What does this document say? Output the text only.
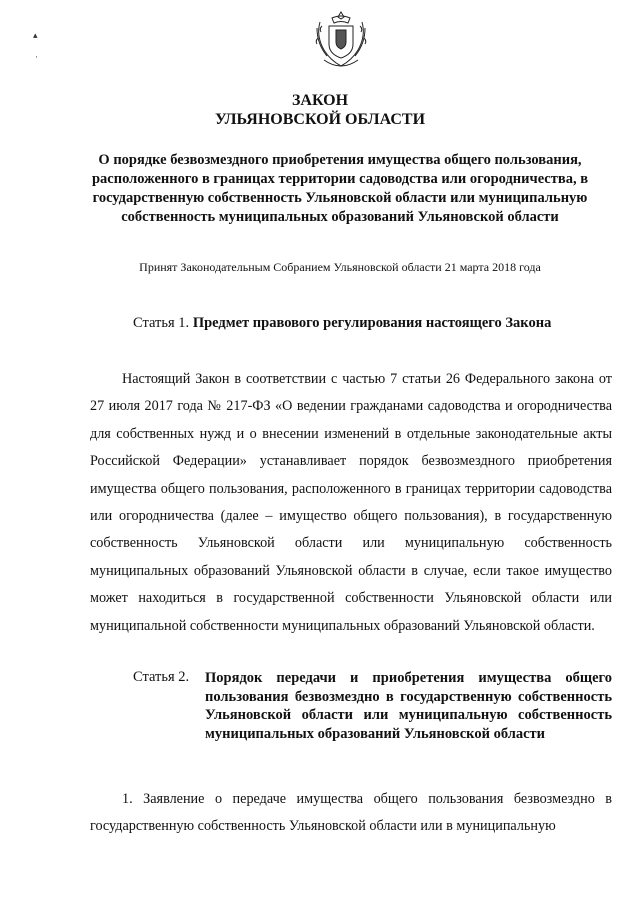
▴
·
ЗАКОН
УЛЬЯНОВСКОЙ ОБЛАСТИ
О порядке безвозмездного приобретения имущества общего пользования, расположенного в границах территории садоводства или огородничества, в государственную собственность Ульяновской области или муниципальную собственность муниципальных образований Ульяновской области
Принят Законодательным Собранием Ульяновской области 21 марта 2018 года
Статья 1. Предмет правового регулирования настоящего Закона
Настоящий Закон в соответствии с частью 7 статьи 26 Федерального закона от 27 июля 2017 года № 217-ФЗ «О ведении гражданами садоводства и огородничества для собственных нужд и о внесении изменений в отдельные законодательные акты Российской Федерации» устанавливает порядок безвозмездного приобретения имущества общего пользования, расположенного в границах территории садоводства или огородничества (далее – имущество общего пользования), в государственную собственность Ульяновской области или муниципальную собственность муниципальных образований Ульяновской области в случае, если такое имущество может находиться в государственной собственности Ульяновской области или муниципальной собственности муниципальных образований Ульяновской области.
Статья 2. Порядок передачи и приобретения имущества общего пользования безвозмездно в государственную собственность Ульяновской области или муниципальную собственность муниципальных образований Ульяновской области
1. Заявление о передаче имущества общего пользования безвозмездно в государственную собственность Ульяновской области или в муниципальную
